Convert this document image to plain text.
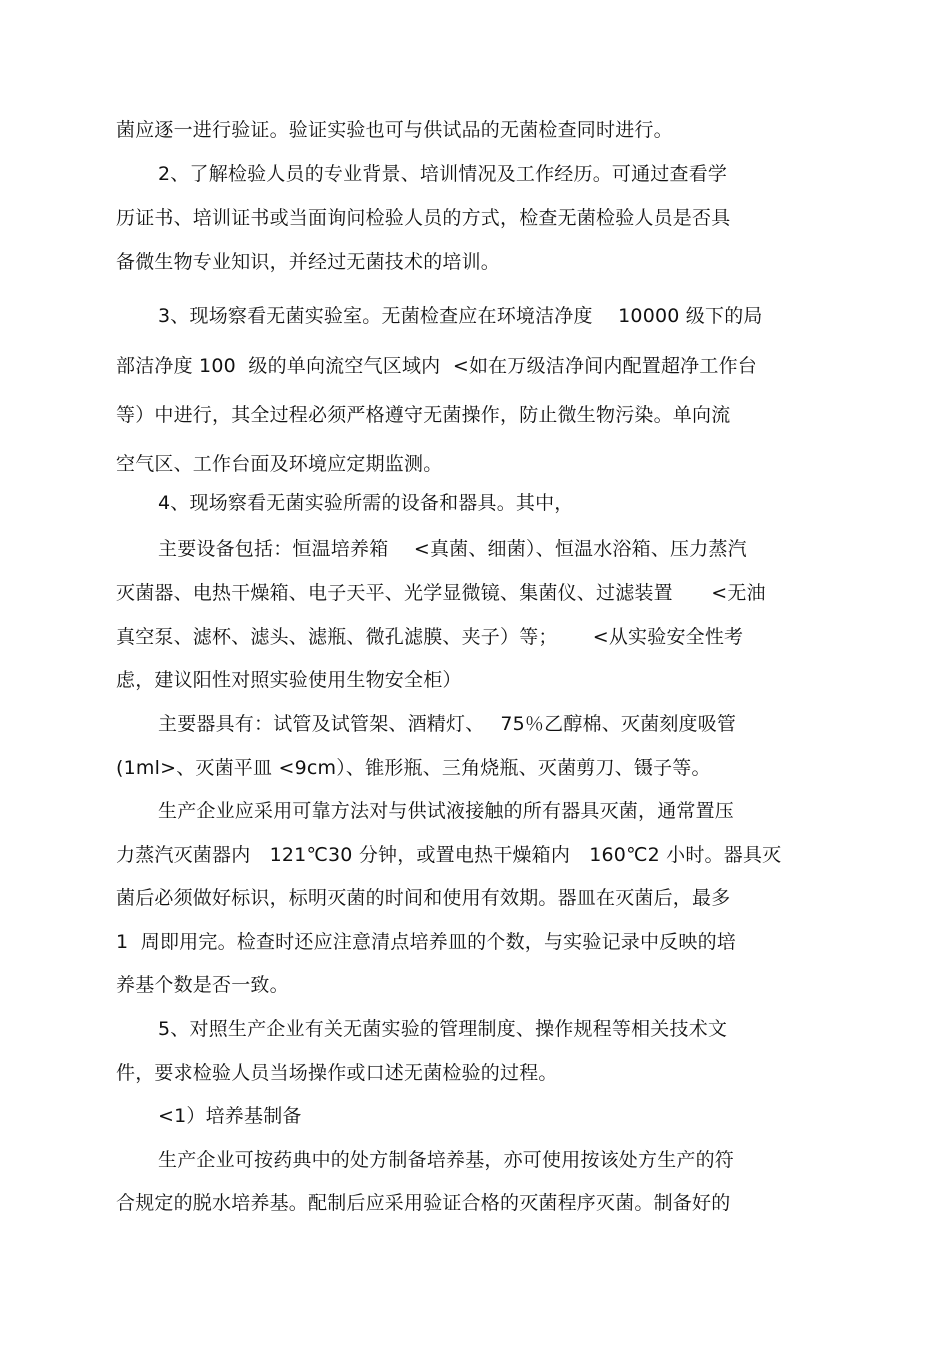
菌应逐一进行验证。验证实验也可与供试品的无菌检查同时进行。
2、了解检验人员的专业背景、培训情况及工作经历。可通过查看学
历证书、培训证书或当面询问检验人员的方式，检查无菌检验人员是否具
备微生物专业知识，并经过无菌技术的培训。
3、现场察看无菌实验室。无菌检查应在环境洁净度　 10000 级下的局
部洁净度 100  级的单向流空气区域内  <如在万级洁净间内配置超净工作台
等）中进行，其全过程必须严格遵守无菌操作，防止微生物污染。单向流
空气区、工作台面及环境应定期监测。
4、现场察看无菌实验所需的设备和器具。其中，
主要设备包括：恒温培养箱　 <真菌、细菌）、恒温水浴箱、压力蒸汽
灭菌器、电热干燥箱、电子天平、光学显微镜、集菌仪、过滤装置　　<无油
真空泵、滤杯、滤头、滤瓶、微孔滤膜、夹子）等；　　 <从实验安全性考
虑，建议阳性对照实验使用生物安全柜）
主要器具有：试管及试管架、酒精灯、　 75％乙醇棉、灭菌刻度吸管
(1ml>、灭菌平皿 <9cm）、锥形瓶、三角烧瓶、灭菌剪刀、镊子等。
生产企业应采用可靠方法对与供试液接触的所有器具灭菌，通常置压
力蒸汽灭菌器内　121℃30 分钟，或置电热干燥箱内　160℃2 小时。器具灭
菌后必须做好标识，标明灭菌的时间和使用有效期。器皿在灭菌后，最多
1  周即用完。检查时还应注意清点培养皿的个数，与实验记录中反映的培
养基个数是否一致。
5、对照生产企业有关无菌实验的管理制度、操作规程等相关技术文
件，要求检验人员当场操作或口述无菌检验的过程。
<1）培养基制备
生产企业可按药典中的处方制备培养基，亦可使用按该处方生产的符
合规定的脱水培养基。配制后应采用验证合格的灭菌程序灭菌。制备好的
